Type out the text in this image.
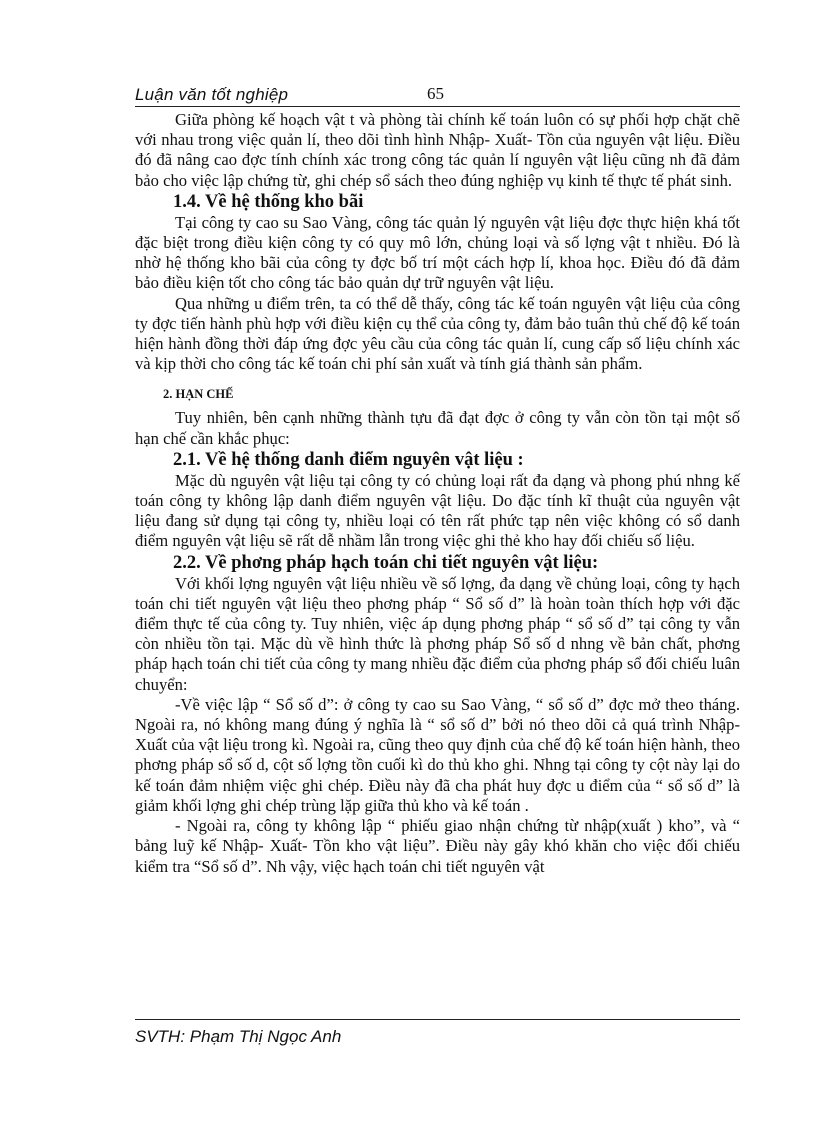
Luận văn tốt nghiệp	65

Giữa phòng kế hoạch vật t và phòng tài chính kế toán luôn có sự phối hợp chặt chẽ với nhau trong việc quản lí, theo dõi tình hình Nhập- Xuất- Tồn của nguyên vật liệu. Điều đó đã nâng cao đợc tính chính xác trong công tác quản lí nguyên vật liệu cũng nh đã đảm bảo cho việc lập chứng từ, ghi chép sổ sách theo đúng nghiệp vụ kinh tế thực tế phát sinh.

1.4. Về hệ thống kho bãi

Tại công ty cao su Sao Vàng, công tác quản lý nguyên vật liệu đợc thực hiện khá tốt đặc biệt trong điều kiện công ty có quy mô lớn, chủng loại và số lợng vật t nhiều. Đó là nhờ hệ thống kho bãi của công ty đợc bố trí một cách hợp lí, khoa học. Điều đó đã đảm bảo điều kiện tốt cho công tác bảo quản dự trữ nguyên vật liệu.

Qua những u điểm trên, ta có thể dễ thấy, công tác kế toán nguyên vật liệu của công ty đợc tiến hành phù hợp với điều kiện cụ thể của công ty, đảm bảo tuân thủ chế độ kế toán hiện hành đồng thời đáp ứng đợc yêu cầu của công tác quản lí, cung cấp số liệu chính xác và kịp thời cho công tác kế toán chi phí sản xuất và tính giá thành sản phẩm.

2. HẠN CHẾ

Tuy nhiên, bên cạnh những thành tựu đã đạt đợc ở công ty vẫn còn tồn tại một số hạn chế cần khắc phục:

2.1. Về hệ thống danh điểm nguyên vật liệu :

Mặc dù nguyên vật liệu tại công ty có chủng loại rất đa dạng và phong phú nhng kế toán công ty không lập danh điểm nguyên vật liệu. Do đặc tính kĩ thuật của nguyên vật liệu đang sử dụng tại công ty, nhiều loại có tên rất phức tạp nên việc không có sổ danh điểm nguyên vật liệu sẽ rất dễ nhầm lẫn trong việc ghi thẻ kho hay đối chiếu số liệu.

2.2. Về phơng pháp hạch toán chi tiết nguyên vật liệu:

Với khối lợng nguyên vật liệu nhiều về số lợng, đa dạng về chủng loại, công ty hạch toán chi tiết nguyên vật liệu theo phơng pháp “ Sổ số d” là hoàn toàn thích hợp với đặc điểm thực tế của công ty. Tuy nhiên, việc áp dụng phơng pháp “ sổ số d” tại công ty vẫn còn nhiều tồn tại. Mặc dù về hình thức là phơng pháp Sổ số d nhng về bản chất, phơng pháp hạch toán chi tiết của công ty mang nhiều đặc điểm của phơng pháp sổ đối chiếu luân chuyển:

-Về việc lập “ Sổ số d”: ở công ty cao su Sao Vàng, “ sổ số d” đợc mở theo tháng. Ngoài ra, nó không mang đúng ý nghĩa là “ sổ số d” bởi nó theo dõi cả quá trình Nhập- Xuất của vật liệu trong kì. Ngoài ra, cũng theo quy định của chế độ kế toán hiện hành, theo phơng pháp sổ số d, cột số lợng tồn cuối kì do thủ kho ghi. Nhng tại công ty cột này lại do kế toán đảm nhiệm việc ghi chép. Điều này đã cha phát huy đợc u điểm của “ sổ số d” là giảm khối lợng ghi chép trùng lặp giữa thủ kho và kế toán .

- Ngoài ra, công ty không lập “ phiếu giao nhận chứng từ nhập(xuất ) kho”, và “ bảng luỹ kế Nhập- Xuất- Tồn kho vật liệu”. Điều này gây khó khăn cho việc đối chiếu kiểm tra “Sổ số d”. Nh vậy, việc hạch toán chi tiết nguyên vật

SVTH: Phạm Thị Ngọc Anh
